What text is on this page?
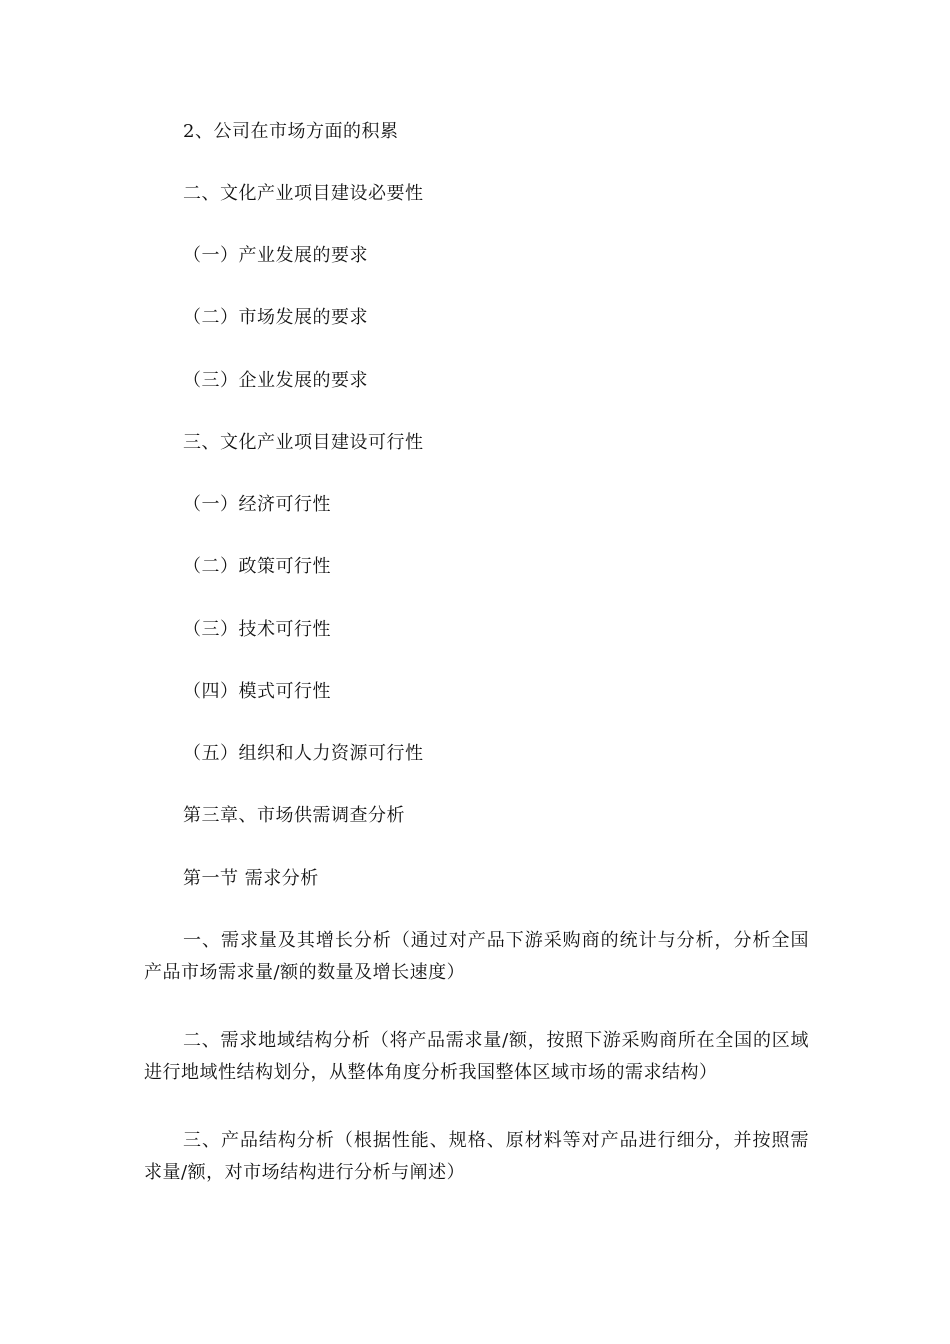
2、公司在市场方面的积累
二、文化产业项目建设必要性
（一）产业发展的要求
（二）市场发展的要求
（三）企业发展的要求
三、文化产业项目建设可行性
（一）经济可行性
（二）政策可行性
（三）技术可行性
（四）模式可行性
（五）组织和人力资源可行性
第三章、市场供需调查分析
第一节 需求分析
一、需求量及其增长分析（通过对产品下游采购商的统计与分析，分析全国产品市场需求量/额的数量及增长速度）
二、需求地域结构分析（将产品需求量/额，按照下游采购商所在全国的区域进行地域性结构划分，从整体角度分析我国整体区域市场的需求结构）
三、产品结构分析（根据性能、规格、原材料等对产品进行细分，并按照需求量/额，对市场结构进行分析与阐述）
